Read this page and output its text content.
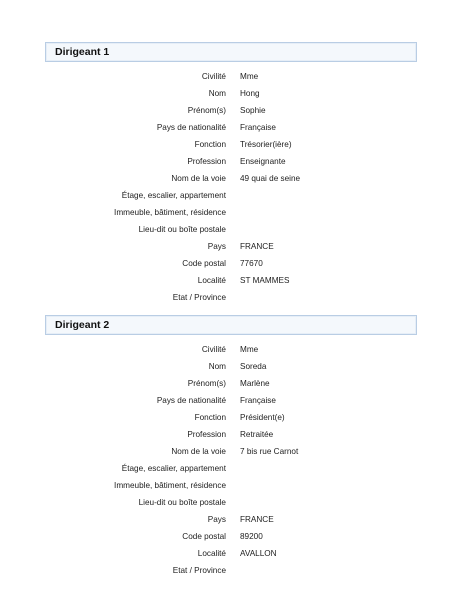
Dirigeant 1
Civilité Mme
Nom Hong
Prénom(s) Sophie
Pays de nationalité Française
Fonction Trésorier(ière)
Profession Enseignante
Nom de la voie 49 quai de seine
Étage, escalier, appartement
Immeuble, bâtiment, résidence
Lieu-dit ou boîte postale
Pays FRANCE
Code postal 77670
Localité ST MAMMES
Etat / Province
Dirigeant 2
Civilité Mme
Nom Soreda
Prénom(s) Marlène
Pays de nationalité Française
Fonction Président(e)
Profession Retraitée
Nom de la voie 7 bis rue Carnot
Étage, escalier, appartement
Immeuble, bâtiment, résidence
Lieu-dit ou boîte postale
Pays FRANCE
Code postal 89200
Localité AVALLON
Etat / Province
